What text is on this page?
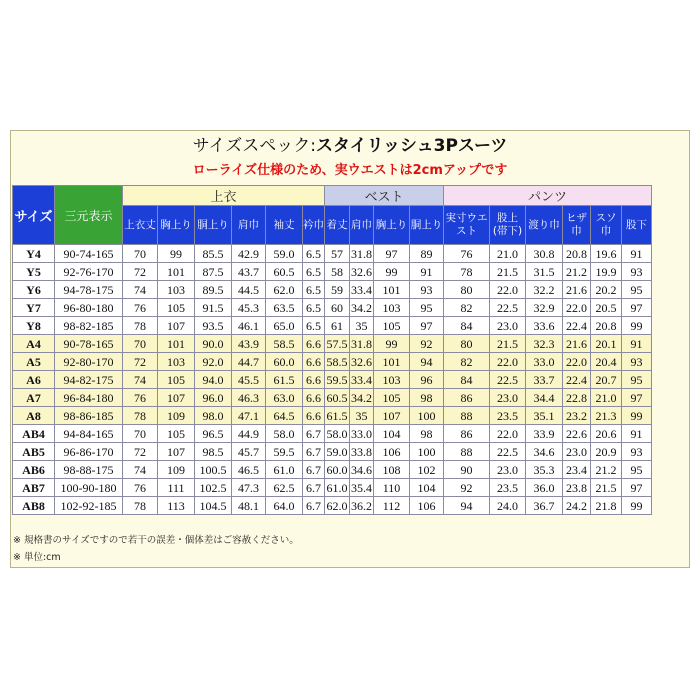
サイズスペック:スタイリッシュ3Pスーツ
ローライズ仕様のため、実ウエストは2cmアップです
サイズ	三元表示	上衣						ベスト				パンツ					
		上衣丈	胸上り	胴上り	肩巾	袖丈	衿巾	着丈	肩巾	胸上り	胴上り	実寸ウエスト	股上(帯下)	渡り巾	ヒザ巾	スソ巾	股下
Y4	90-74-165	70	99	85.5	42.9	59.0	6.5	57	31.8	97	89	76	21.0	30.8	20.8	19.6	91
Y5	92-76-170	72	101	87.5	43.7	60.5	6.5	58	32.6	99	91	78	21.5	31.5	21.2	19.9	93
Y6	94-78-175	74	103	89.5	44.5	62.0	6.5	59	33.4	101	93	80	22.0	32.2	21.6	20.2	95
Y7	96-80-180	76	105	91.5	45.3	63.5	6.5	60	34.2	103	95	82	22.5	32.9	22.0	20.5	97
Y8	98-82-185	78	107	93.5	46.1	65.0	6.5	61	35	105	97	84	23.0	33.6	22.4	20.8	99
A4	90-78-165	70	101	90.0	43.9	58.5	6.6	57.5	31.8	99	92	80	21.5	32.3	21.6	20.1	91
A5	92-80-170	72	103	92.0	44.7	60.0	6.6	58.5	32.6	101	94	82	22.0	33.0	22.0	20.4	93
A6	94-82-175	74	105	94.0	45.5	61.5	6.6	59.5	33.4	103	96	84	22.5	33.7	22.4	20.7	95
A7	96-84-180	76	107	96.0	46.3	63.0	6.6	60.5	34.2	105	98	86	23.0	34.4	22.8	21.0	97
A8	98-86-185	78	109	98.0	47.1	64.5	6.6	61.5	35	107	100	88	23.5	35.1	23.2	21.3	99
AB4	94-84-165	70	105	96.5	44.9	58.0	6.7	58.0	33.0	104	98	86	22.0	33.9	22.6	20.6	91
AB5	96-86-170	72	107	98.5	45.7	59.5	6.7	59.0	33.8	106	100	88	22.5	34.6	23.0	20.9	93
AB6	98-88-175	74	109	100.5	46.5	61.0	6.7	60.0	34.6	108	102	90	23.0	35.3	23.4	21.2	95
AB7	100-90-180	76	111	102.5	47.3	62.5	6.7	61.0	35.4	110	104	92	23.5	36.0	23.8	21.5	97
AB8	102-92-185	78	113	104.5	48.1	64.0	6.7	62.0	36.2	112	106	94	24.0	36.7	24.2	21.8	99
※ 規格書のサイズですので若干の誤差・個体差はご容赦ください。
※ 単位:cm
